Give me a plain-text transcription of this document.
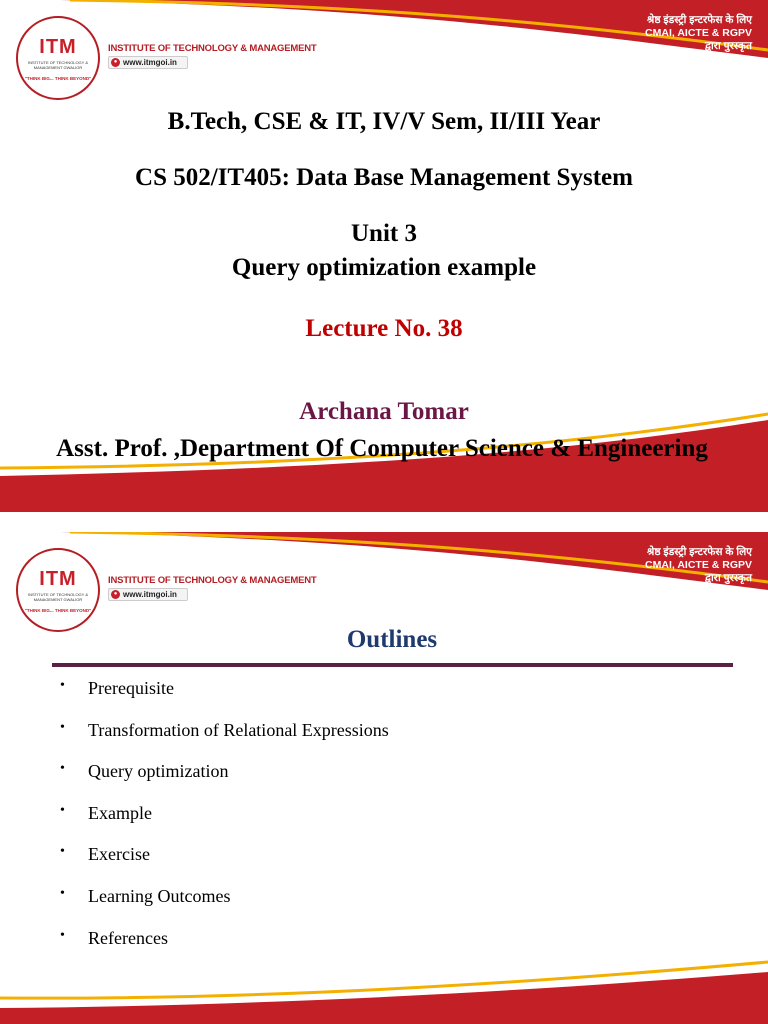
ITM
INSTITUTE OF TECHNOLOGY & MANAGEMENT GWALIOR
"THINK BIG... THINK BEYOND"
INSTITUTE OF TECHNOLOGY & MANAGEMENT
● www.itmgoi.in
श्रेष्ठ इंडस्ट्री इन्टरफेस के लिए
CMAI, AICTE & RGPV
द्वारा पुरस्कृत
B.Tech, CSE & IT, IV/V Sem, II/III Year
CS 502/IT405: Data Base Management System
Unit 3
Query optimization example
Lecture No. 38
Archana Tomar
Asst. Prof. ,Department Of Computer Science & Engineering
ITM
INSTITUTE OF TECHNOLOGY & MANAGEMENT GWALIOR
"THINK BIG... THINK BEYOND"
INSTITUTE OF TECHNOLOGY & MANAGEMENT
● www.itmgoi.in
श्रेष्ठ इंडस्ट्री इन्टरफेस के लिए
CMAI, AICTE & RGPV
द्वारा पुरस्कृत
Outlines
• Prerequisite
• Transformation of Relational Expressions
• Query optimization
• Example
• Exercise
• Learning Outcomes
• References
